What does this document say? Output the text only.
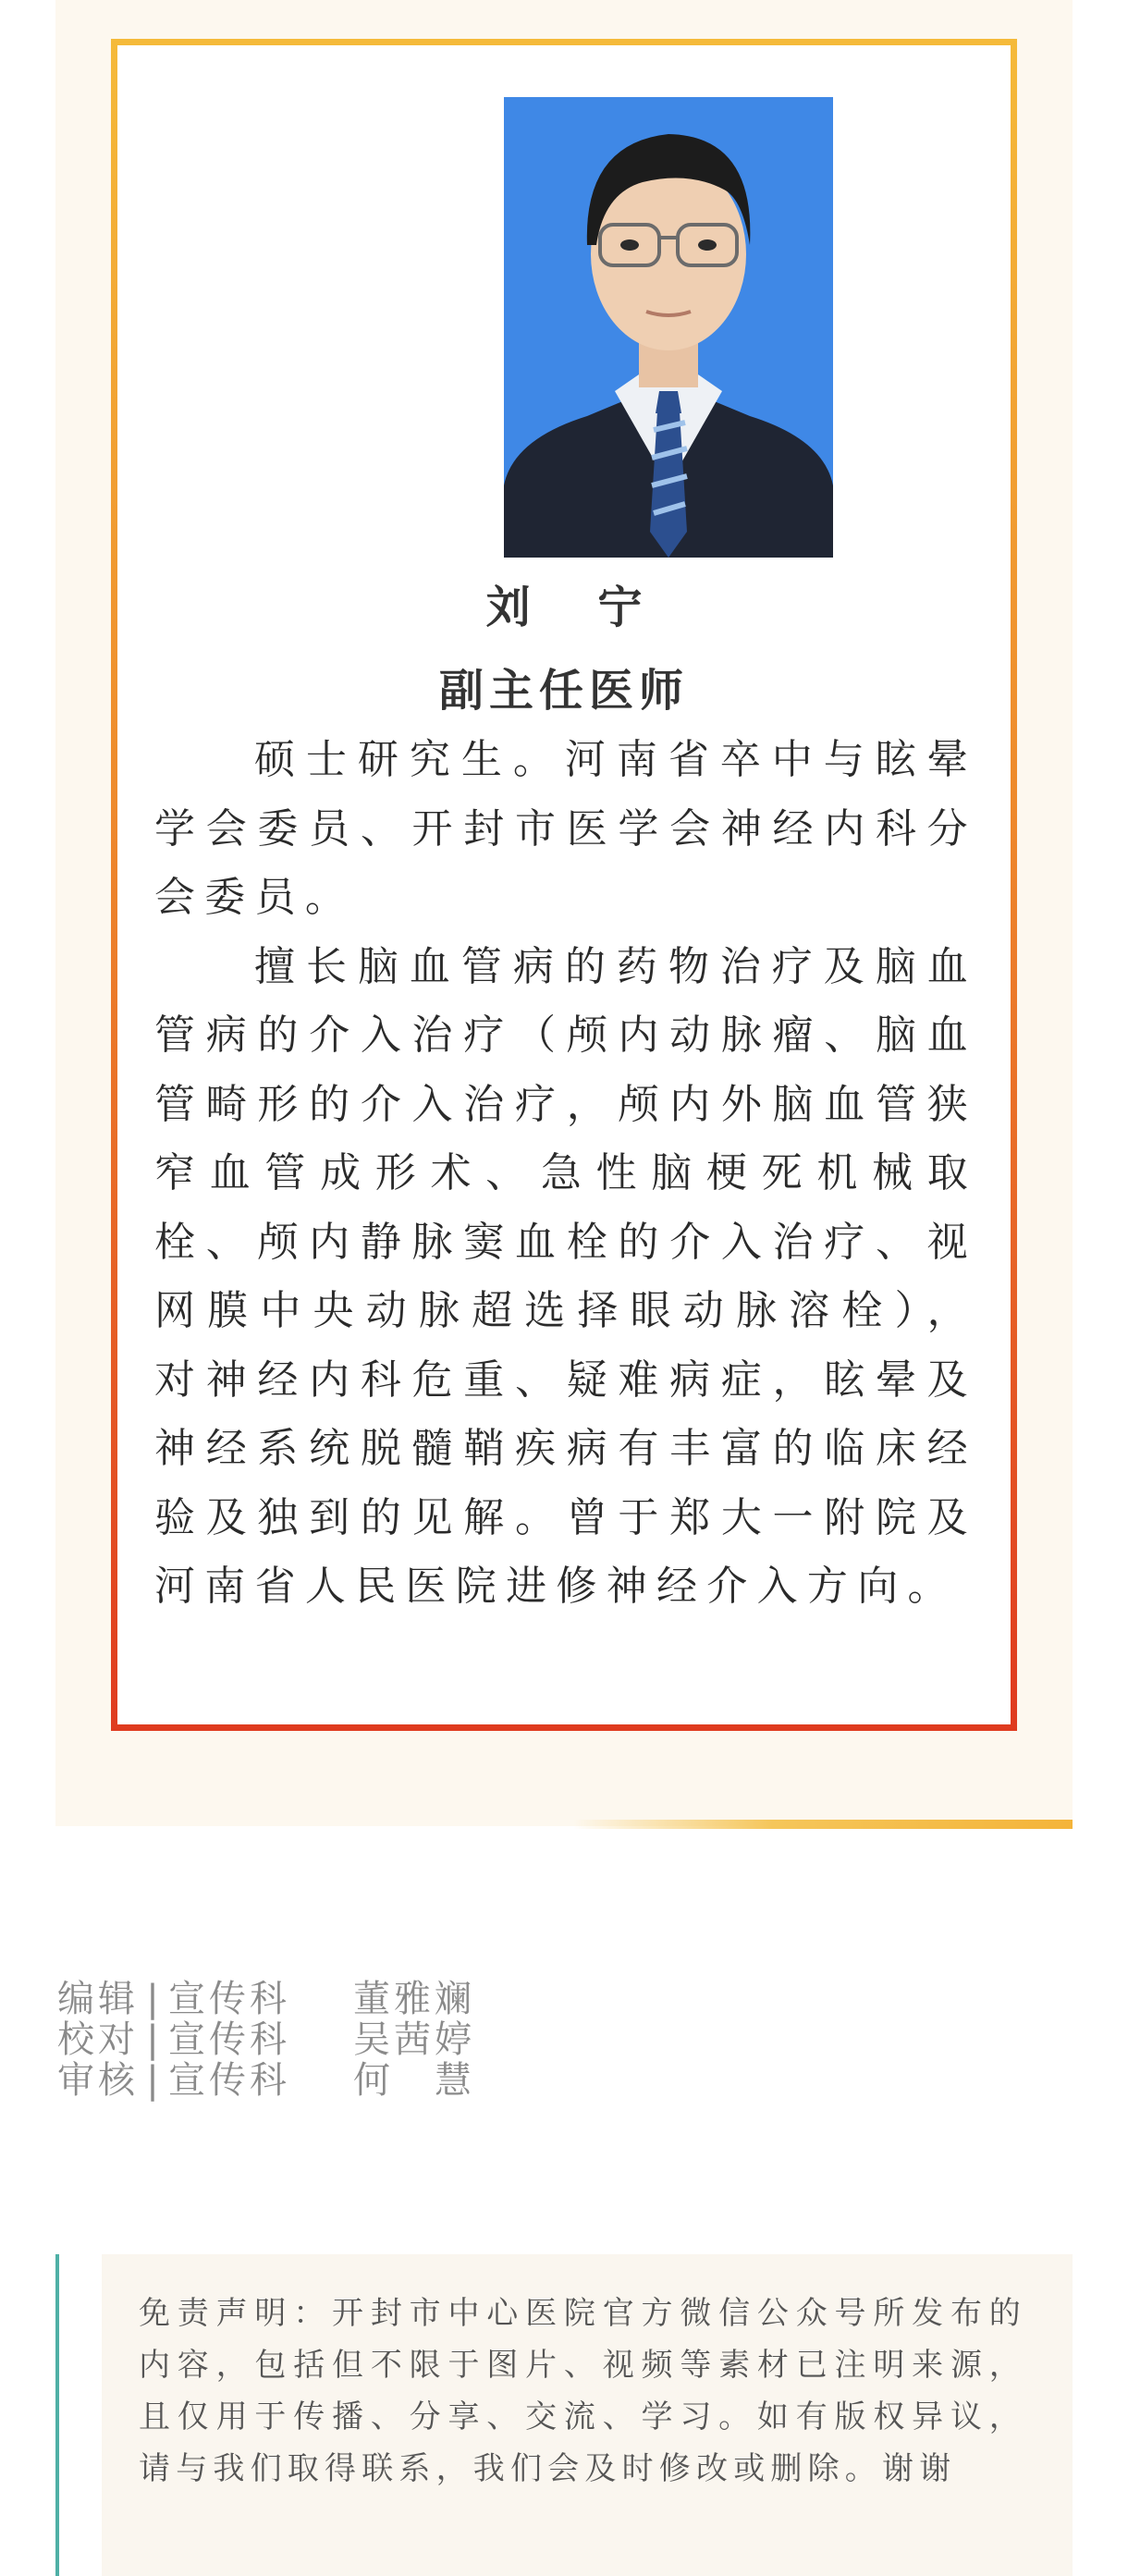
刘 宁
副主任医师

硕士研究生。河南省卒中与眩晕学会委员、开封市医学会神经内科分会委员。

擅长脑血管病的药物治疗及脑血管病的介入治疗（颅内动脉瘤、脑血管畸形的介入治疗，颅内外脑血管狭窄血管成形术、急性脑梗死机械取栓、颅内静脉窦血栓的介入治疗、视网膜中央动脉超选择眼动脉溶栓），对神经内科危重、疑难病症，眩晕及神经系统脱髓鞘疾病有丰富的临床经验及独到的见解。曾于郑大一附院及河南省人民医院进修神经介入方向。

编辑 | 宣传科	董雅斓
校对 | 宣传科	吴茜婷
审核 | 宣传科	何　慧
免责声明：开封市中心医院官方微信公众号所发布的内容，包括但不限于图片、视频等素材已注明来源，且仅用于传播、分享、交流、学习。如有版权异议，请与我们取得联系，我们会及时修改或删除。谢谢
